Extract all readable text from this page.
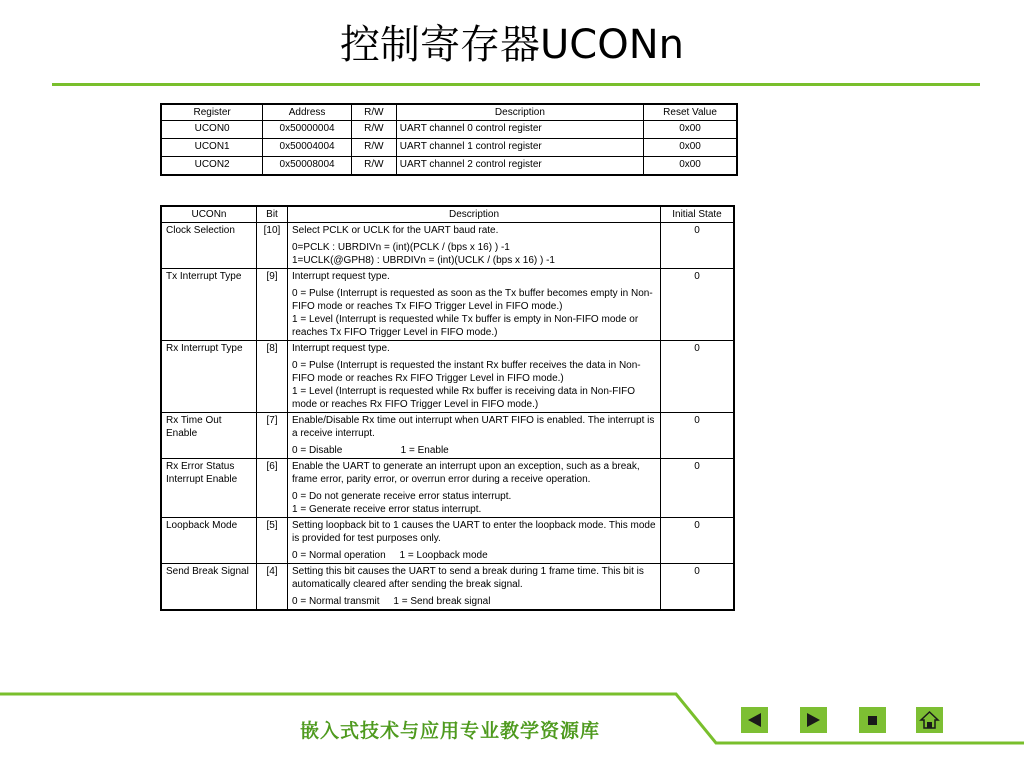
控制寄存器UCONn
Register	Address	R/W	Description	Reset Value
UCON0	0x50000004	R/W	UART channel 0 control register	0x00
UCON1	0x50004004	R/W	UART channel 1 control register	0x00
UCON2	0x50008004	R/W	UART channel 2 control register	0x00
UCONn	Bit	Description	Initial State
Clock Selection	[10]	Select PCLK or UCLK for the UART baud rate.	0

		0=PCLK : UBRDIVn = (int)(PCLK / (bps x 16) ) -1
1=UCLK(@GPH8) : UBRDIVn = (int)(UCLK / (bps x 16) ) -1	

Tx Interrupt Type	[9]	Interrupt request type.	0

		0 = Pulse (Interrupt is requested as soon as the Tx buffer becomes empty in Non-FIFO mode or reaches Tx FIFO Trigger Level in FIFO mode.)
1 = Level (Interrupt is requested while Tx buffer is empty in Non-FIFO mode or reaches Tx FIFO Trigger Level in FIFO mode.)	

Rx Interrupt Type	[8]	Interrupt request type.	0

		0 = Pulse (Interrupt is requested the instant Rx buffer receives the data in Non-FIFO mode or reaches Rx FIFO Trigger Level in FIFO mode.)
1 = Level (Interrupt is requested while Rx buffer is receiving data in Non-FIFO mode or reaches Rx FIFO Trigger Level in FIFO mode.)	

Rx Time Out Enable	[7]	Enable/Disable Rx time out interrupt when UART FIFO is enabled. The interrupt is a receive interrupt.	0

		0 = Disable                     1 = Enable	

Rx Error Status Interrupt Enable	[6]	Enable the UART to generate an interrupt upon an exception, such as a break, frame error, parity error, or overrun error during a receive operation.	0

		0 = Do not generate receive error status interrupt.
1 = Generate receive error status interrupt.	

Loopback Mode	[5]	Setting loopback bit to 1 causes the UART to enter the loopback mode. This mode is provided for test purposes only.	0

		0 = Normal operation     1 = Loopback mode	

Send Break Signal	[4]	Setting this bit causes the UART to send a break during 1 frame time. This bit is automatically cleared after sending the break signal.	0

		0 = Normal transmit     1 = Send break signal	
嵌入式技术与应用专业教学资源库
